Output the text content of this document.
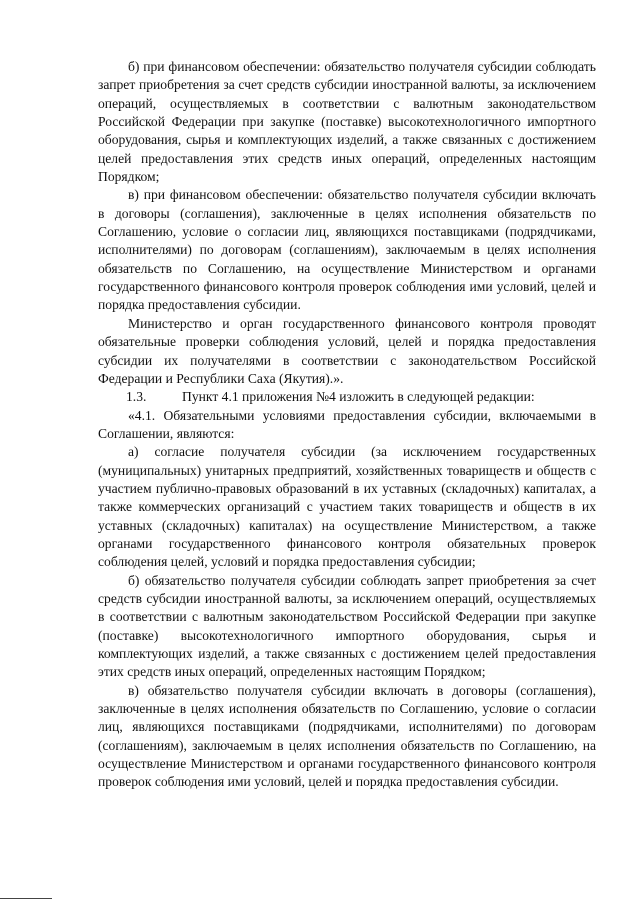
б) при финансовом обеспечении: обязательство получателя субсидии соблюдать запрет приобретения за счет средств субсидии иностранной валюты, за исключением операций, осуществляемых в соответствии с валютным законодательством Российской Федерации при закупке (поставке) высокотехнологичного импортного оборудования, сырья и комплектующих изделий, а также связанных с достижением целей предоставления этих средств иных операций, определенных настоящим Порядком;

в) при финансовом обеспечении: обязательство получателя субсидии включать в договоры (соглашения), заключенные в целях исполнения обязательств по Соглашению, условие о согласии лиц, являющихся поставщиками (подрядчиками, исполнителями) по договорам (соглашениям), заключаемым в целях исполнения обязательств по Соглашению, на осуществление Министерством и органами государственного финансового контроля проверок соблюдения ими условий, целей и порядка предоставления субсидии.

Министерство и орган государственного финансового контроля проводят обязательные проверки соблюдения условий, целей и порядка предоставления субсидии их получателями в соответствии с законодательством Российской Федерации и Республики Саха (Якутия).».

1.3.	Пункт 4.1 приложения №4 изложить в следующей редакции:

«4.1. Обязательными условиями предоставления субсидии, включаемыми в Соглашении, являются:

а) согласие получателя субсидии (за исключением государственных (муниципальных) унитарных предприятий, хозяйственных товариществ и обществ с участием публично-правовых образований в их уставных (складочных) капиталах, а также коммерческих организаций с участием таких товариществ и обществ в их уставных (складочных) капиталах) на осуществление Министерством, а также органами государственного финансового контроля обязательных проверок соблюдения целей, условий и порядка предоставления субсидии;

б) обязательство получателя субсидии соблюдать запрет приобретения за счет средств субсидии иностранной валюты, за исключением операций, осуществляемых в соответствии с валютным законодательством Российской Федерации при закупке (поставке) высокотехнологичного импортного оборудования, сырья и комплектующих изделий, а также связанных с достижением целей предоставления этих средств иных операций, определенных настоящим Порядком;

в) обязательство получателя субсидии включать в договоры (соглашения), заключенные в целях исполнения обязательств по Соглашению, условие о согласии лиц, являющихся поставщиками (подрядчиками, исполнителями) по договорам (соглашениям), заключаемым в целях исполнения обязательств по Соглашению, на осуществление Министерством и органами государственного финансового контроля проверок соблюдения ими условий, целей и порядка предоставления субсидии.
